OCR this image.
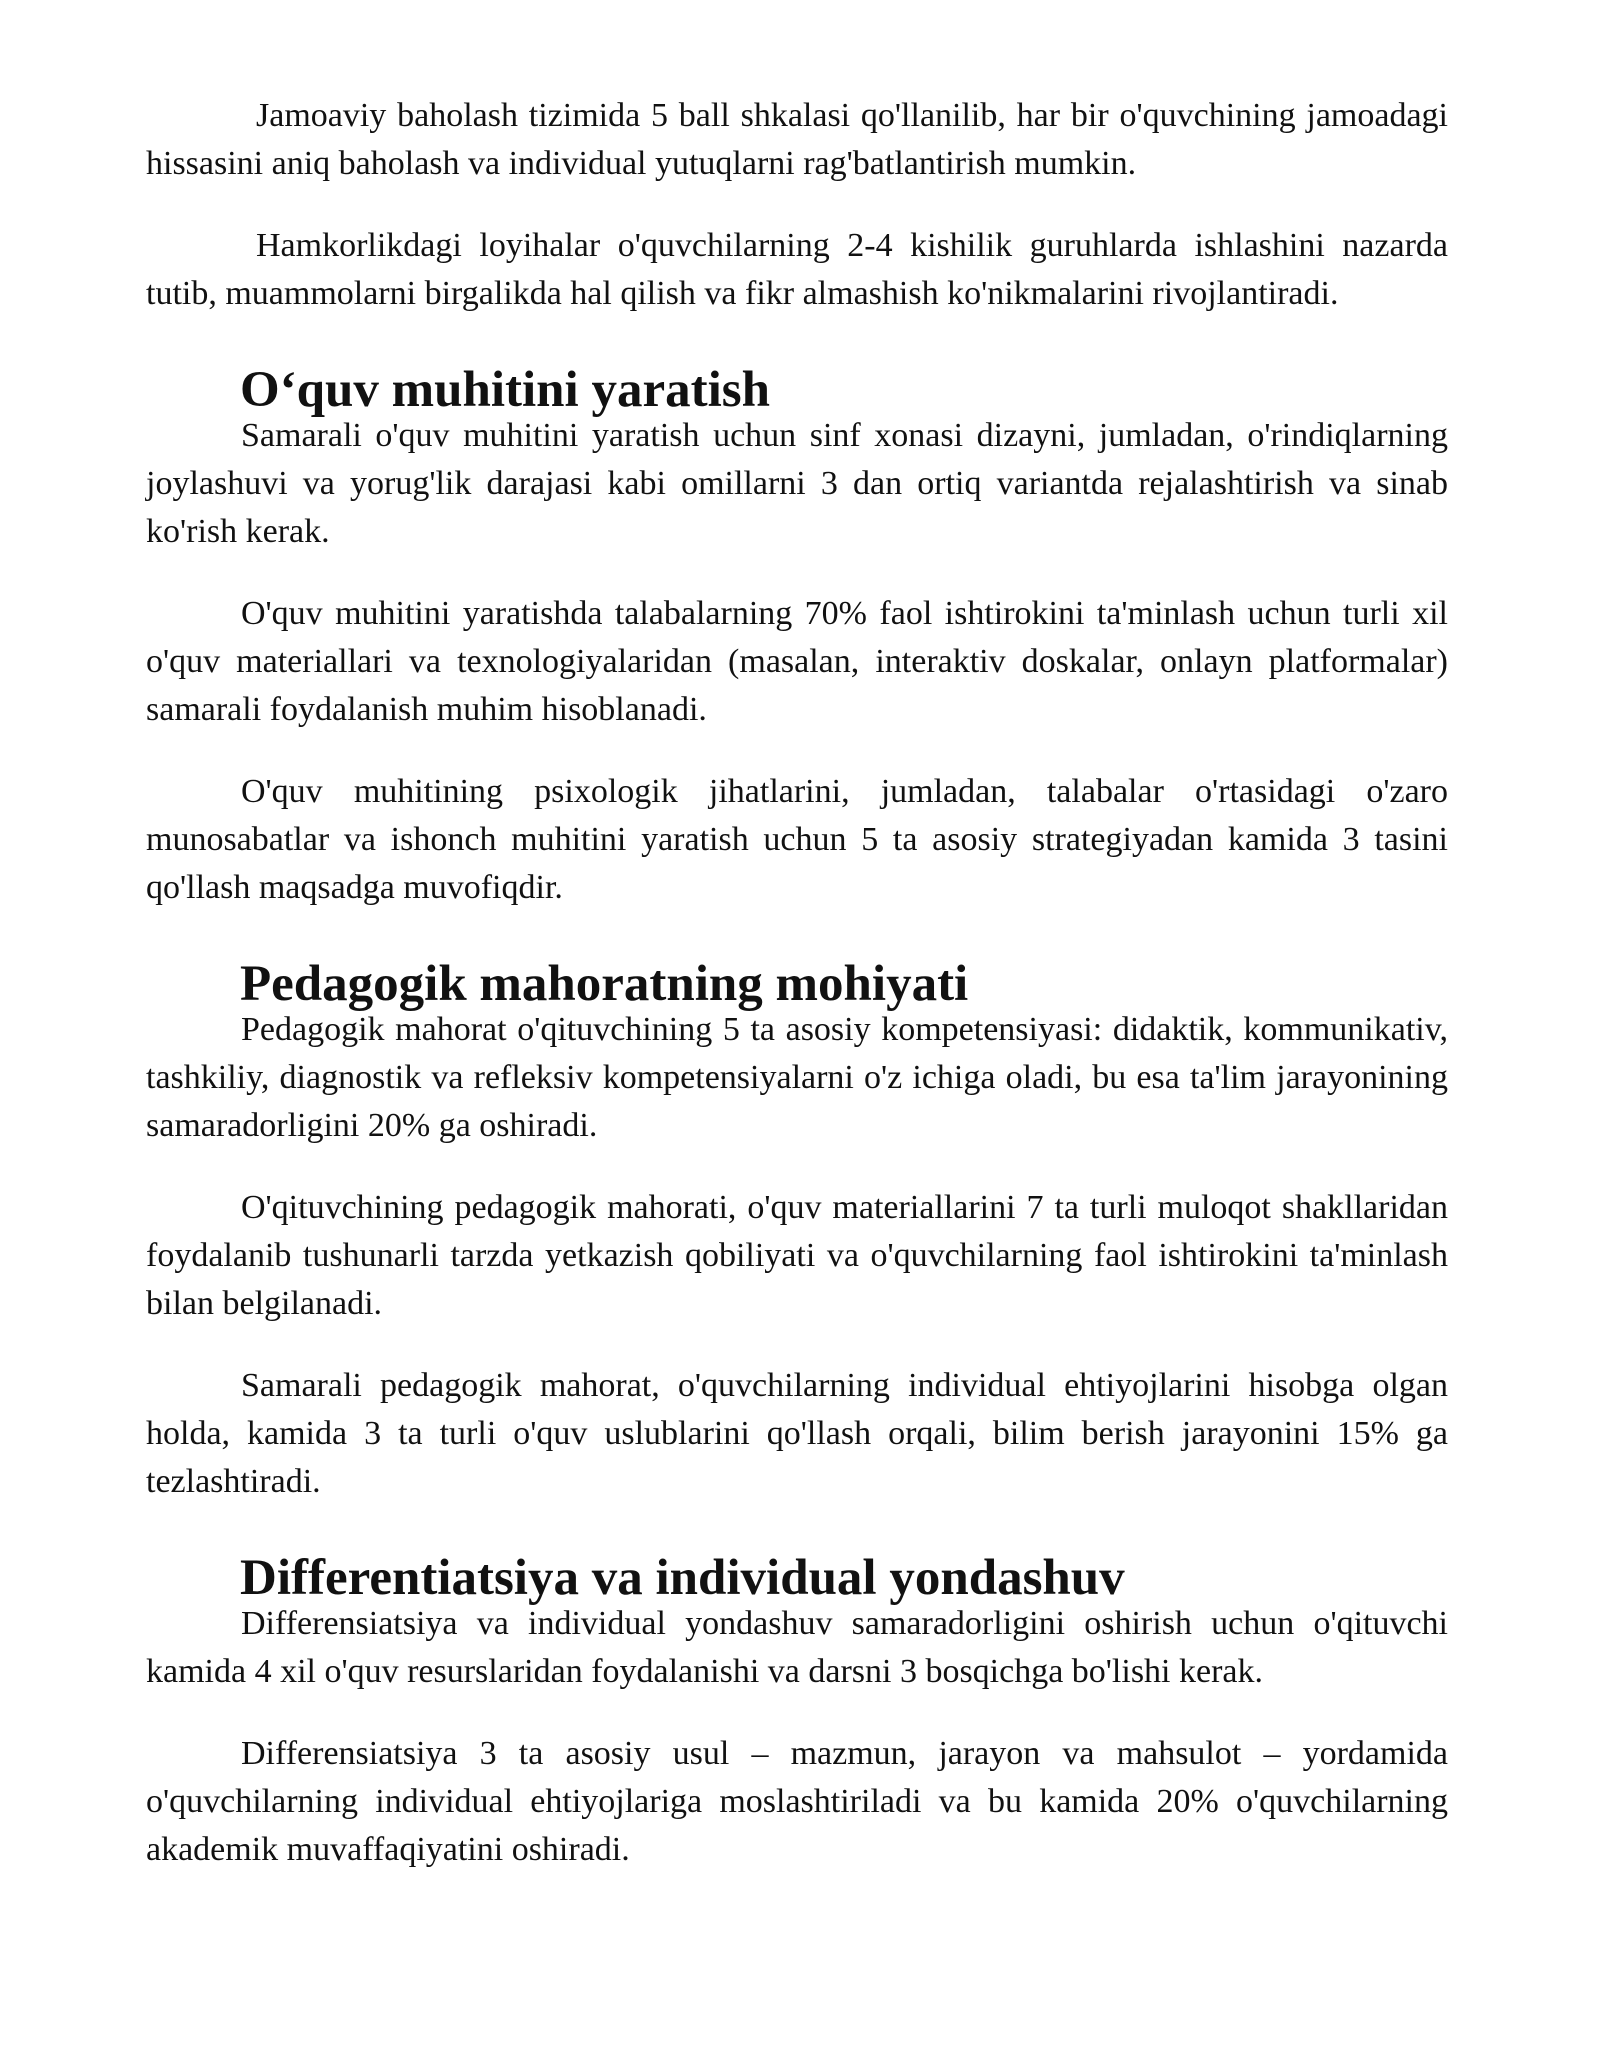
Jamoaviy baholash tizimida 5 ball shkalasi qo'llanilib, har bir o'quvchining jamoadagi hissasini aniq baholash va individual yutuqlarni rag'batlantirish mumkin.

Hamkorlikdagi loyihalar o'quvchilarning 2-4 kishilik guruhlarda ishlashini nazarda tutib, muammolarni birgalikda hal qilish va fikr almashish ko'nikmalarini rivojlantiradi.

O‘quv muhitini yaratish

Samarali o'quv muhitini yaratish uchun sinf xonasi dizayni, jumladan, o'rindiqlarning joylashuvi va yorug'lik darajasi kabi omillarni 3 dan ortiq variantda rejalashtirish va sinab ko'rish kerak.

O'quv muhitini yaratishda talabalarning 70% faol ishtirokini ta'minlash uchun turli xil o'quv materiallari va texnologiyalaridan (masalan, interaktiv doskalar, onlayn platformalar) samarali foydalanish muhim hisoblanadi.

O'quv muhitining psixologik jihatlarini, jumladan, talabalar o'rtasidagi o'zaro munosabatlar va ishonch muhitini yaratish uchun 5 ta asosiy strategiyadan kamida 3 tasini qo'llash maqsadga muvofiqdir.

Pedagogik mahoratning mohiyati

Pedagogik mahorat o'qituvchining 5 ta asosiy kompetensiyasi: didaktik, kommunikativ, tashkiliy, diagnostik va refleksiv kompetensiyalarni o'z ichiga oladi, bu esa ta'lim jarayonining samaradorligini 20% ga oshiradi.

O'qituvchining pedagogik mahorati, o'quv materiallarini 7 ta turli muloqot shakllaridan foydalanib tushunarli tarzda yetkazish qobiliyati va o'quvchilarning faol ishtirokini ta'minlash bilan belgilanadi.

Samarali pedagogik mahorat, o'quvchilarning individual ehtiyojlarini hisobga olgan holda, kamida 3 ta turli o'quv uslublarini qo'llash orqali, bilim berish jarayonini 15% ga tezlashtiradi.

Differentiatsiya va individual yondashuv

Differensiatsiya va individual yondashuv samaradorligini oshirish uchun o'qituvchi kamida 4 xil o'quv resurslaridan foydalanishi va darsni 3 bosqichga bo'lishi kerak.

Differensiatsiya 3 ta asosiy usul – mazmun, jarayon va mahsulot – yordamida o'quvchilarning individual ehtiyojlariga moslashtiriladi va bu kamida 20% o'quvchilarning akademik muvaffaqiyatini oshiradi.
